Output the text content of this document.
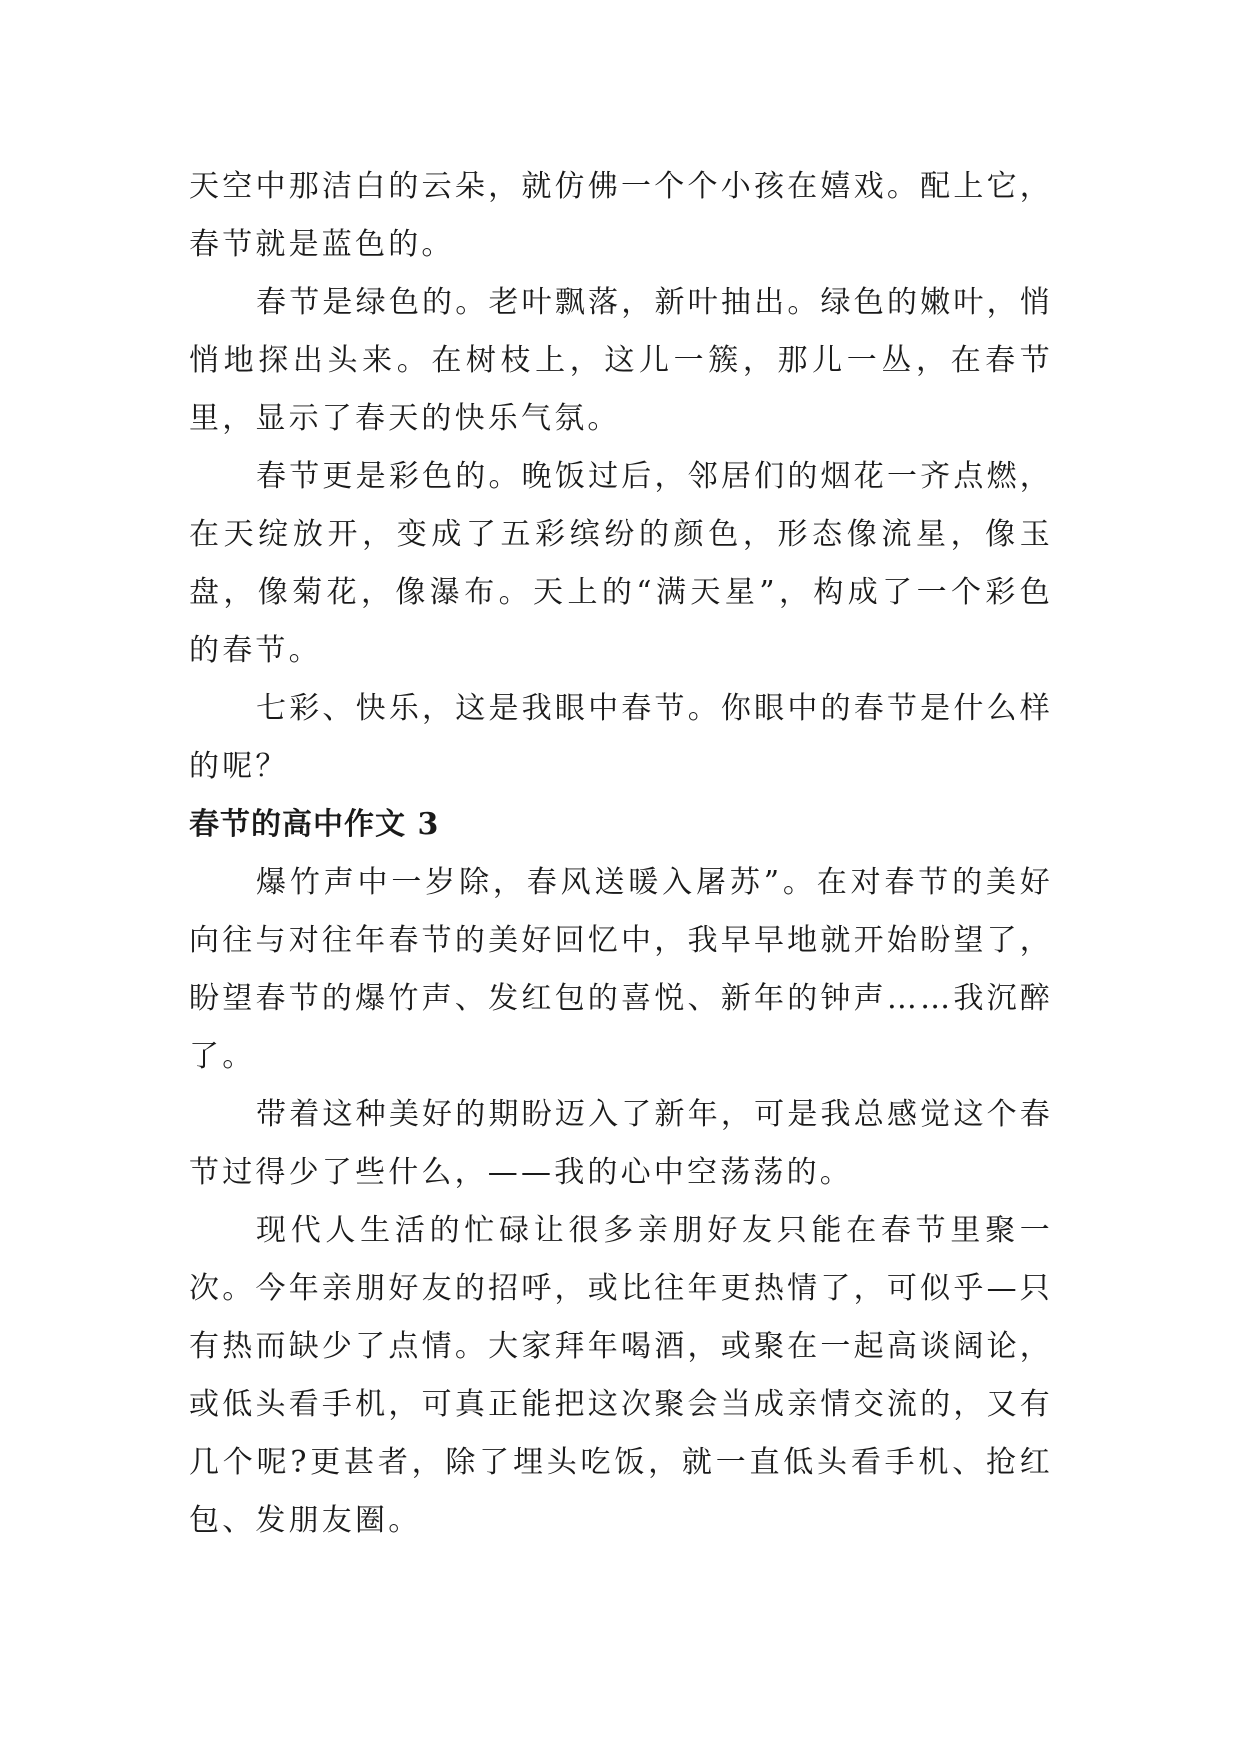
天空中那洁白的云朵，就仿佛一个个小孩在嬉戏。配上它，春节就是蓝色的。

春节是绿色的。老叶飘落，新叶抽出。绿色的嫩叶，悄悄地探出头来。在树枝上，这儿一簇，那儿一丛，在春节里，显示了春天的快乐气氛。

春节更是彩色的。晚饭过后，邻居们的烟花一齐点燃，在天绽放开，变成了五彩缤纷的颜色，形态像流星，像玉盘，像菊花，像瀑布。天上的“满天星”，构成了一个彩色的春节。

七彩、快乐，这是我眼中春节。你眼中的春节是什么样的呢？

春节的高中作文 3

爆竹声中一岁除，春风送暖入屠苏”。在对春节的美好向往与对往年春节的美好回忆中，我早早地就开始盼望了，盼望春节的爆竹声、发红包的喜悦、新年的钟声……我沉醉了。

带着这种美好的期盼迈入了新年，可是我总感觉这个春节过得少了些什么，——我的心中空荡荡的。

现代人生活的忙碌让很多亲朋好友只能在春节里聚一次。今年亲朋好友的招呼，或比往年更热情了，可似乎—只有热而缺少了点情。大家拜年喝酒，或聚在一起高谈阔论，或低头看手机，可真正能把这次聚会当成亲情交流的，又有几个呢?更甚者，除了埋头吃饭，就一直低头看手机、抢红包、发朋友圈。
